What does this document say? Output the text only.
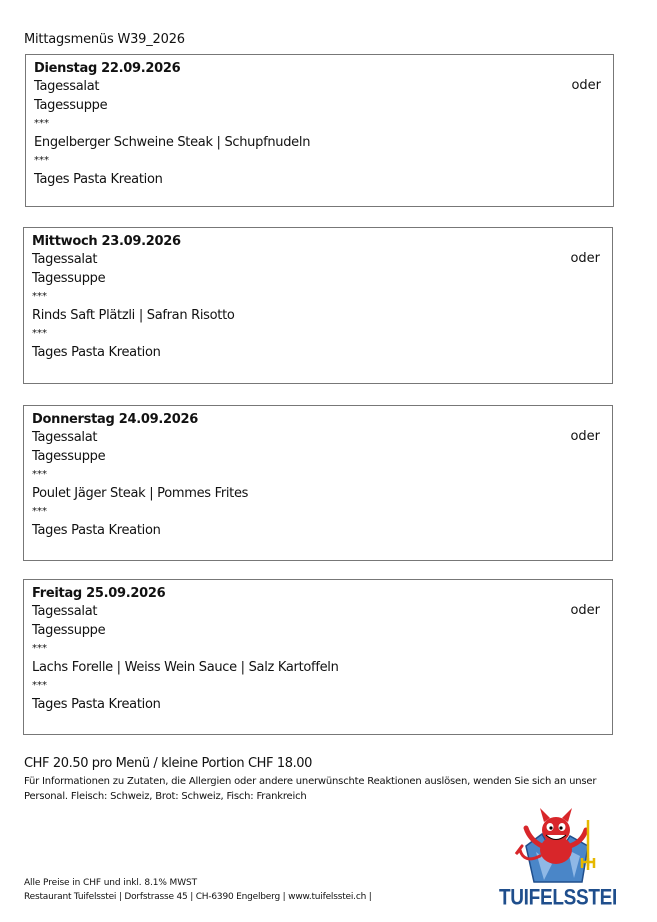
Mittagsmenüs W39_2026
Dienstag 22.09.2026
Tagessalat
Tagessuppe
***
Engelberger Schweine Steak | Schupfnudeln
***
Tages Pasta Kreation
oder
Mittwoch 23.09.2026
Tagessalat
Tagessuppe
***
Rinds Saft Plätzli | Safran Risotto
***
Tages Pasta Kreation
oder
Donnerstag 24.09.2026
Tagessalat
Tagessuppe
***
Poulet Jäger Steak | Pommes Frites
***
Tages Pasta Kreation
oder
Freitag 25.09.2026
Tagessalat
Tagessuppe
***
Lachs Forelle | Weiss Wein Sauce | Salz Kartoffeln
***
Tages Pasta Kreation
oder
CHF 20.50 pro Menü / kleine Portion CHF 18.00
Für Informationen zu Zutaten, die Allergien oder andere unerwünschte Reaktionen auslösen, wenden Sie sich an unser Personal. Fleisch: Schweiz, Brot: Schweiz, Fisch: Frankreich
Alle Preise in CHF und inkl. 8.1% MWST
Restaurant Tuifelsstei | Dorfstrasse 45 | CH-6390 Engelberg | www.tuifelsstei.ch |	TUIFELSSTEI
